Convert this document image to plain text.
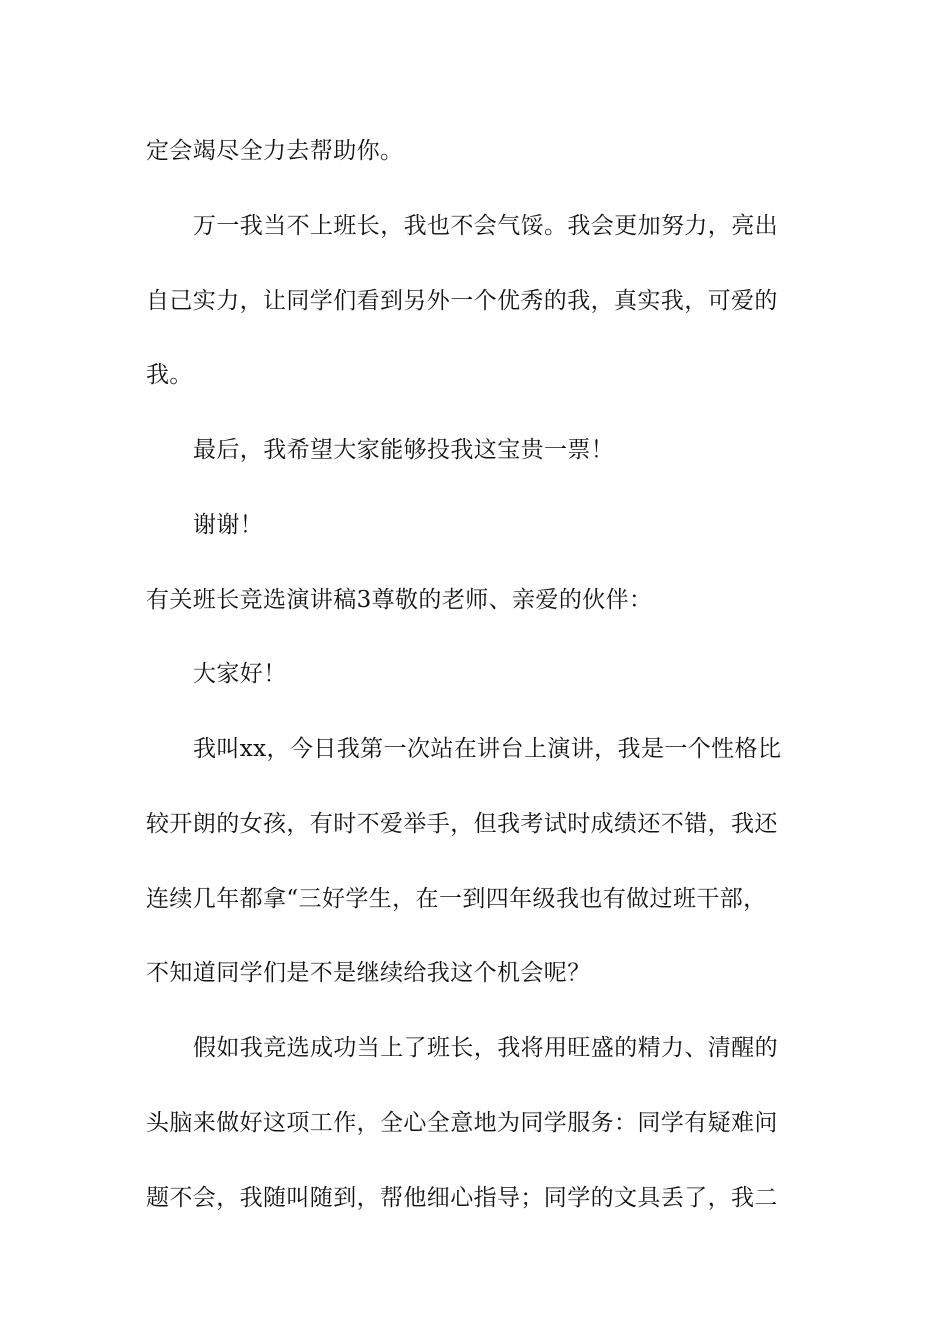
定会竭尽全力去帮助你。
万一我当不上班长，我也不会气馁。我会更加努力，亮出
自己实力，让同学们看到另外一个优秀的我，真实我，可爱的
我。
最后，我希望大家能够投我这宝贵一票！
谢谢！
有关班长竞选演讲稿3尊敬的老师、亲爱的伙伴：
大家好！
我叫xx，今日我第一次站在讲台上演讲，我是一个性格比
较开朗的女孩，有时不爱举手，但我考试时成绩还不错，我还
连续几年都拿“三好学生，在一到四年级我也有做过班干部，
不知道同学们是不是继续给我这个机会呢？
假如我竞选成功当上了班长，我将用旺盛的精力、清醒的
头脑来做好这项工作，全心全意地为同学服务：同学有疑难问
题不会，我随叫随到，帮他细心指导；同学的文具丢了，我二
